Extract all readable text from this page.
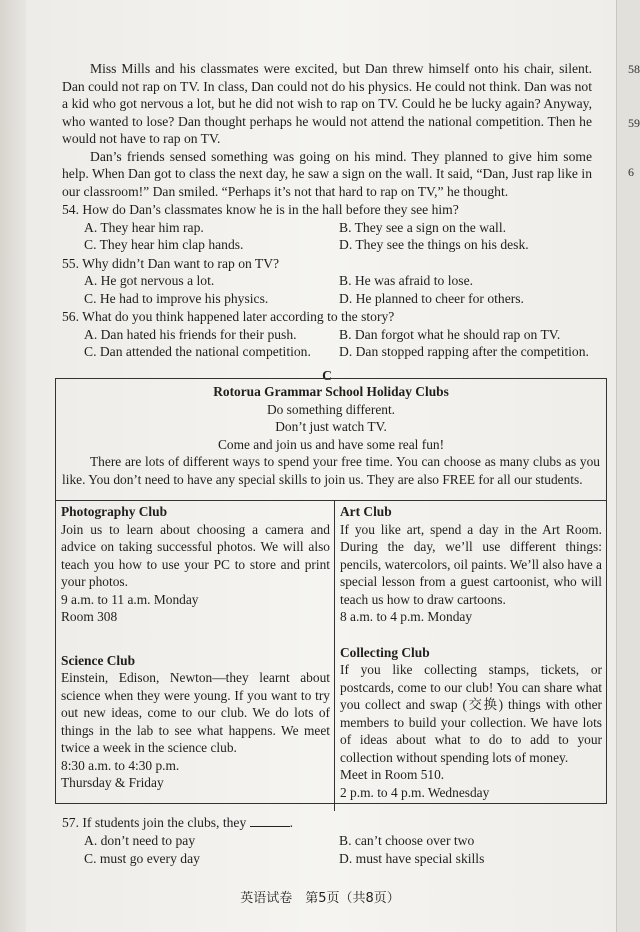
58
59
6

Miss Mills and his classmates were excited, but Dan threw himself onto his chair, silent. Dan could not rap on TV. In class, Dan could not do his physics. He could not think. Dan was not a kid who got nervous a lot, but he did not wish to rap on TV. Could he be lucky again? Anyway, who wanted to lose? Dan thought perhaps he would not attend the national competition. Then he would not have to rap on TV.

Dan’s friends sensed something was going on his mind. They planned to give him some help. When Dan got to class the next day, he saw a sign on the wall. It said, “Dan, Just rap like in our classroom!” Dan smiled. “Perhaps it’s not that hard to rap on TV,” he thought.

54. How do Dan’s classmates know he is in the hall before they see him?
A. They hear him rap.	B. They see a sign on the wall.
C. They hear him clap hands.	D. They see the things on his desk.
55. Why didn’t Dan want to rap on TV?
A. He got nervous a lot.	B. He was afraid to lose.
C. He had to improve his physics.	D. He planned to cheer for others.
56. What do you think happened later according to the story?
A. Dan hated his friends for their push.	B. Dan forgot what he should rap on TV.
C. Dan attended the national competition.	D. Dan stopped rapping after the competition.
C
Rotorua Grammar School Holiday Clubs
Do something different.
Don’t just watch TV.
Come and join us and have some real fun!

There are lots of different ways to spend your free time. You can choose as many clubs as you like. You don’t need to have any special skills to join us. They are also FREE for all our students.

Photography Club

Join us to learn about choosing a camera and advice on taking successful photos. We will also teach you how to use your PC to store and print your photos.

9 a.m. to 11 a.m. Monday
Room 308
Science Club

Einstein, Edison, Newton—they learnt about science when they were young. If you want to try out new ideas, come to our club. We do lots of things in the lab to see what happens. We meet twice a week in the science club.

8:30 a.m. to 4:30 p.m.
Thursday & Friday
Art Club

If you like art, spend a day in the Art Room. During the day, we’ll use different things: pencils, watercolors, oil paints. We’ll also have a special lesson from a guest cartoonist, who will teach us how to draw cartoons.

8 a.m. to 4 p.m. Monday
Collecting Club

If you like collecting stamps, tickets, or postcards, come to our club! You can share what you collect and swap (交换) things with other members to build your collection. We have lots of ideas about what to do to add to your collection without spending lots of money.

Meet in Room 510.
2 p.m. to 4 p.m. Wednesday
57. If students join the clubs, they	.
A. don’t need to pay	B. can’t choose over two
C. must go every day	D. must have special skills
英语试卷　第5页（共8页）
